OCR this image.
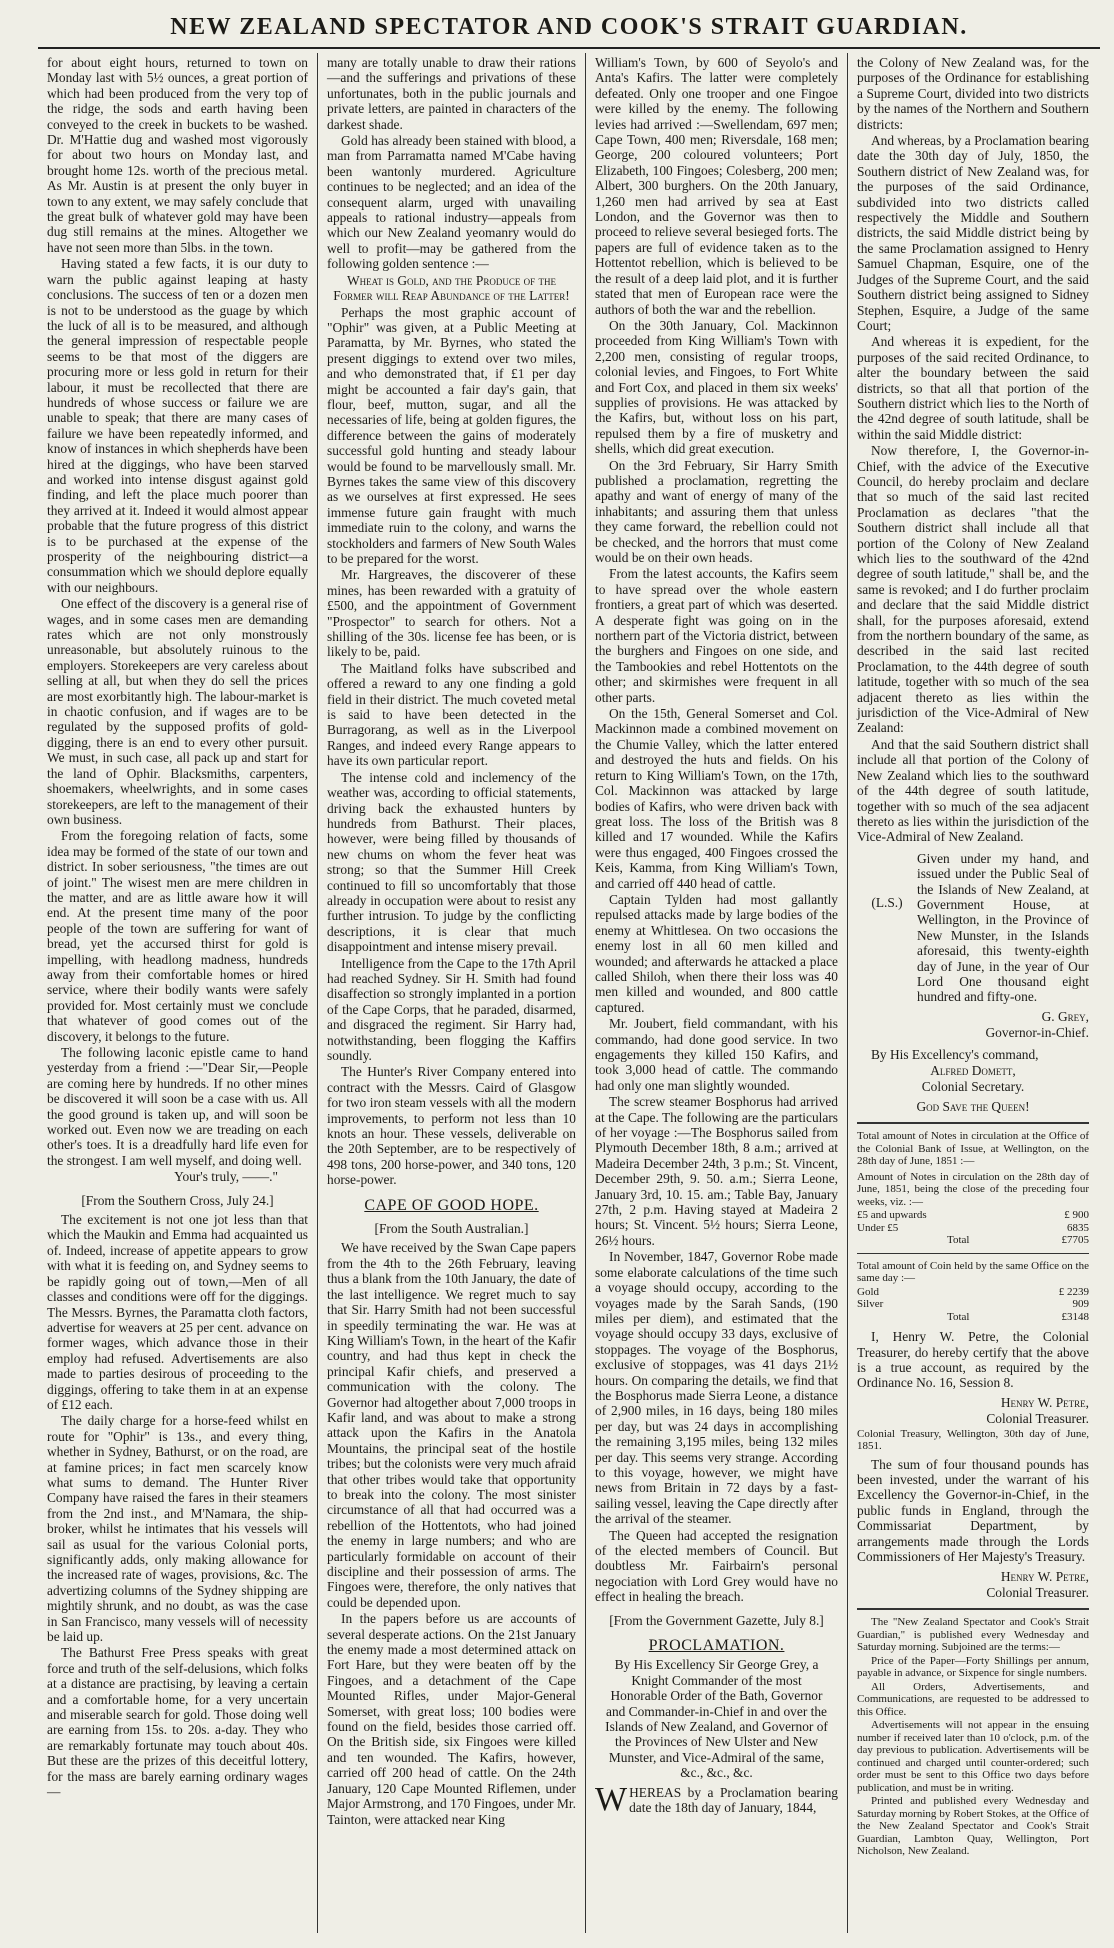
NEW ZEALAND SPECTATOR AND COOK'S STRAIT GUARDIAN.

for about eight hours, returned to town on Monday last with 5½ ounces, a great portion of which had been produced from the very top of the ridge, the sods and earth having been conveyed to the creek in buckets to be washed. Dr. M'Hattie dug and washed most vigorously for about two hours on Monday last, and brought home 12s. worth of the precious metal. As Mr. Austin is at present the only buyer in town to any extent, we may safely conclude that the great bulk of whatever gold may have been dug still remains at the mines. Altogether we have not seen more than 5lbs. in the town.

Having stated a few facts, it is our duty to warn the public against leaping at hasty conclusions. The success of ten or a dozen men is not to be understood as the guage by which the luck of all is to be measured, and although the general impression of respectable people seems to be that most of the diggers are procuring more or less gold in return for their labour, it must be recollected that there are hundreds of whose success or failure we are unable to speak; that there are many cases of failure we have been repeatedly informed, and know of instances in which shepherds have been hired at the diggings, who have been starved and worked into intense disgust against gold finding, and left the place much poorer than they arrived at it. Indeed it would almost appear probable that the future progress of this district is to be purchased at the expense of the prosperity of the neighbouring district—a consummation which we should deplore equally with our neighbours.

One effect of the discovery is a general rise of wages, and in some cases men are demanding rates which are not only monstrously unreasonable, but absolutely ruinous to the employers. Storekeepers are very careless about selling at all, but when they do sell the prices are most exorbitantly high. The labour-market is in chaotic confusion, and if wages are to be regulated by the supposed profits of gold-digging, there is an end to every other pursuit. We must, in such case, all pack up and start for the land of Ophir. Blacksmiths, carpenters, shoemakers, wheelwrights, and in some cases storekeepers, are left to the management of their own business.

From the foregoing relation of facts, some idea may be formed of the state of our town and district. In sober seriousness, "the times are out of joint." The wisest men are mere children in the matter, and are as little aware how it will end. At the present time many of the poor people of the town are suffering for want of bread, yet the accursed thirst for gold is impelling, with headlong madness, hundreds away from their comfortable homes or hired service, where their bodily wants were safely provided for. Most certainly must we conclude that whatever of good comes out of the discovery, it belongs to the future.

The following laconic epistle came to hand yesterday from a friend :—"Dear Sir,—People are coming here by hundreds. If no other mines be discovered it will soon be a case with us. All the good ground is taken up, and will soon be worked out. Even now we are treading on each other's toes. It is a dreadfully hard life even for the strongest. I am well myself, and doing well.

Your's truly, ——."

[From the Southern Cross, July 24.]

The excitement is not one jot less than that which the Maukin and Emma had acquainted us of. Indeed, increase of appetite appears to grow with what it is feeding on, and Sydney seems to be rapidly going out of town,—Men of all classes and conditions were off for the diggings. The Messrs. Byrnes, the Paramatta cloth factors, advertise for weavers at 25 per cent. advance on former wages, which advance those in their employ had refused. Advertisements are also made to parties desirous of proceeding to the diggings, offering to take them in at an expense of £12 each.

The daily charge for a horse-feed whilst en route for "Ophir" is 13s., and every thing, whether in Sydney, Bathurst, or on the road, are at famine prices; in fact men scarcely know what sums to demand. The Hunter River Company have raised the fares in their steamers from the 2nd inst., and M'Namara, the ship-broker, whilst he intimates that his vessels will sail as usual for the various Colonial ports, significantly adds, only making allowance for the increased rate of wages, provisions, &c. The advertizing columns of the Sydney shipping are mightily shrunk, and no doubt, as was the case in San Francisco, many vessels will of necessity be laid up.

The Bathurst Free Press speaks with great force and truth of the self-delusions, which folks at a distance are practising, by leaving a certain and a comfortable home, for a very uncertain and miserable search for gold. Those doing well are earning from 15s. to 20s. a-day. They who are remarkably fortunate may touch about 40s. But these are the prizes of this deceitful lottery, for the mass are barely earning ordinary wages—

many are totally unable to draw their rations —and the sufferings and privations of these unfortunates, both in the public journals and private letters, are painted in characters of the darkest shade.

Gold has already been stained with blood, a man from Parramatta named M'Cabe having been wantonly murdered. Agriculture continues to be neglected; and an idea of the consequent alarm, urged with unavailing appeals to rational industry—appeals from which our New Zealand yeomanry would do well to profit—may be gathered from the following golden sentence :—

Wheat is Gold, and the Produce of the Former will Reap Abundance of the Latter!

Perhaps the most graphic account of "Ophir" was given, at a Public Meeting at Paramatta, by Mr. Byrnes, who stated the present diggings to extend over two miles, and who demonstrated that, if £1 per day might be accounted a fair day's gain, that flour, beef, mutton, sugar, and all the necessaries of life, being at golden figures, the difference between the gains of moderately successful gold hunting and steady labour would be found to be marvellously small. Mr. Byrnes takes the same view of this discovery as we ourselves at first expressed. He sees immense future gain fraught with much immediate ruin to the colony, and warns the stockholders and farmers of New South Wales to be prepared for the worst.

Mr. Hargreaves, the discoverer of these mines, has been rewarded with a gratuity of £500, and the appointment of Government "Prospector" to search for others. Not a shilling of the 30s. license fee has been, or is likely to be, paid.

The Maitland folks have subscribed and offered a reward to any one finding a gold field in their district. The much coveted metal is said to have been detected in the Burragorang, as well as in the Liverpool Ranges, and indeed every Range appears to have its own particular report.

The intense cold and inclemency of the weather was, according to official statements, driving back the exhausted hunters by hundreds from Bathurst. Their places, however, were being filled by thousands of new chums on whom the fever heat was strong; so that the Summer Hill Creek continued to fill so uncomfortably that those already in occupation were about to resist any further intrusion. To judge by the conflicting descriptions, it is clear that much disappointment and intense misery prevail.

Intelligence from the Cape to the 17th April had reached Sydney. Sir H. Smith had found disaffection so strongly implanted in a portion of the Cape Corps, that he paraded, disarmed, and disgraced the regiment. Sir Harry had, notwithstanding, been flogging the Kaffirs soundly.

The Hunter's River Company entered into contract with the Messrs. Caird of Glasgow for two iron steam vessels with all the modern improvements, to perform not less than 10 knots an hour. These vessels, deliverable on the 20th September, are to be respectively of 498 tons, 200 horse-power, and 340 tons, 120 horse-power.

CAPE OF GOOD HOPE.

[From the South Australian.]

We have received by the Swan Cape papers from the 4th to the 26th February, leaving thus a blank from the 10th January, the date of the last intelligence. We regret much to say that Sir. Harry Smith had not been successful in speedily terminating the war. He was at King William's Town, in the heart of the Kafir country, and had thus kept in check the principal Kafir chiefs, and preserved a communication with the colony. The Governor had altogether about 7,000 troops in Kafir land, and was about to make a strong attack upon the Kafirs in the Anatola Mountains, the principal seat of the hostile tribes; but the colonists were very much afraid that other tribes would take that opportunity to break into the colony. The most sinister circumstance of all that had occurred was a rebellion of the Hottentots, who had joined the enemy in large numbers; and who are particularly formidable on account of their discipline and their possession of arms. The Fingoes were, therefore, the only natives that could be depended upon.

In the papers before us are accounts of several desperate actions. On the 21st January the enemy made a most determined attack on Fort Hare, but they were beaten off by the Fingoes, and a detachment of the Cape Mounted Rifles, under Major-General Somerset, with great loss; 100 bodies were found on the field, besides those carried off. On the British side, six Fingoes were killed and ten wounded. The Kafirs, however, carried off 200 head of cattle. On the 24th January, 120 Cape Mounted Riflemen, under Major Armstrong, and 170 Fingoes, under Mr. Tainton, were attacked near King

William's Town, by 600 of Seyolo's and Anta's Kafirs. The latter were completely defeated. Only one trooper and one Fingoe were killed by the enemy. The following levies had arrived :—Swellendam, 697 men; Cape Town, 400 men; Riversdale, 168 men; George, 200 coloured volunteers; Port Elizabeth, 100 Fingoes; Colesberg, 200 men; Albert, 300 burghers. On the 20th January, 1,260 men had arrived by sea at East London, and the Governor was then to proceed to relieve several besieged forts. The papers are full of evidence taken as to the Hottentot rebellion, which is believed to be the result of a deep laid plot, and it is further stated that men of European race were the authors of both the war and the rebellion.

On the 30th January, Col. Mackinnon proceeded from King William's Town with 2,200 men, consisting of regular troops, colonial levies, and Fingoes, to Fort White and Fort Cox, and placed in them six weeks' supplies of provisions. He was attacked by the Kafirs, but, without loss on his part, repulsed them by a fire of musketry and shells, which did great execution.

On the 3rd February, Sir Harry Smith published a proclamation, regretting the apathy and want of energy of many of the inhabitants; and assuring them that unless they came forward, the rebellion could not be checked, and the horrors that must come would be on their own heads.

From the latest accounts, the Kafirs seem to have spread over the whole eastern frontiers, a great part of which was deserted. A desperate fight was going on in the northern part of the Victoria district, between the burghers and Fingoes on one side, and the Tambookies and rebel Hottentots on the other; and skirmishes were frequent in all other parts.

On the 15th, General Somerset and Col. Mackinnon made a combined movement on the Chumie Valley, which the latter entered and destroyed the huts and fields. On his return to King William's Town, on the 17th, Col. Mackinnon was attacked by large bodies of Kafirs, who were driven back with great loss. The loss of the British was 8 killed and 17 wounded. While the Kafirs were thus engaged, 400 Fingoes crossed the Keis, Kamma, from King William's Town, and carried off 440 head of cattle.

Captain Tylden had most gallantly repulsed attacks made by large bodies of the enemy at Whittlesea. On two occasions the enemy lost in all 60 men killed and wounded; and afterwards he attacked a place called Shiloh, when there their loss was 40 men killed and wounded, and 800 cattle captured.

Mr. Joubert, field commandant, with his commando, had done good service. In two engagements they killed 150 Kafirs, and took 3,000 head of cattle. The commando had only one man slightly wounded.

The screw steamer Bosphorus had arrived at the Cape. The following are the particulars of her voyage :—The Bosphorus sailed from Plymouth December 18th, 8 a.m.; arrived at Madeira December 24th, 3 p.m.; St. Vincent, December 29th, 9. 50. a.m.; Sierra Leone, January 3rd, 10. 15. am.; Table Bay, January 27th, 2 p.m. Having stayed at Madeira 2 hours; St. Vincent. 5½ hours; Sierra Leone, 26½ hours.

In November, 1847, Governor Robe made some elaborate calculations of the time such a voyage should occupy, according to the voyages made by the Sarah Sands, (190 miles per diem), and estimated that the voyage should occupy 33 days, exclusive of stoppages. The voyage of the Bosphorus, exclusive of stoppages, was 41 days 21½ hours. On comparing the details, we find that the Bosphorus made Sierra Leone, a distance of 2,900 miles, in 16 days, being 180 miles per day, but was 24 days in accomplishing the remaining 3,195 miles, being 132 miles per day. This seems very strange. According to this voyage, however, we might have news from Britain in 72 days by a fast-sailing vessel, leaving the Cape directly after the arrival of the steamer.

The Queen had accepted the resignation of the elected members of Council. But doubtless Mr. Fairbairn's personal negociation with Lord Grey would have no effect in healing the breach.

[From the Government Gazette, July 8.]

PROCLAMATION.

By His Excellency Sir George Grey, a Knight Commander of the most Honorable Order of the Bath, Governor and Commander-in-Chief in and over the Islands of New Zealand, and Governor of the Provinces of New Ulster and New Munster, and Vice-Admiral of the same, &c., &c., &c.

WHEREAS by a Proclamation bearing date the 18th day of January, 1844,

the Colony of New Zealand was, for the purposes of the Ordinance for establishing a Supreme Court, divided into two districts by the names of the Northern and Southern districts:

And whereas, by a Proclamation bearing date the 30th day of July, 1850, the Southern district of New Zealand was, for the purposes of the said Ordinance, subdivided into two districts called respectively the Middle and Southern districts, the said Middle district being by the same Proclamation assigned to Henry Samuel Chapman, Esquire, one of the Judges of the Supreme Court, and the said Southern district being assigned to Sidney Stephen, Esquire, a Judge of the same Court;

And whereas it is expedient, for the purposes of the said recited Ordinance, to alter the boundary between the said districts, so that all that portion of the Southern district which lies to the North of the 42nd degree of south latitude, shall be within the said Middle district:

Now therefore, I, the Governor-in-Chief, with the advice of the Executive Council, do hereby proclaim and declare that so much of the said last recited Proclamation as declares "that the Southern district shall include all that portion of the Colony of New Zealand which lies to the southward of the 42nd degree of south latitude," shall be, and the same is revoked; and I do further proclaim and declare that the said Middle district shall, for the purposes aforesaid, extend from the northern boundary of the same, as described in the said last recited Proclamation, to the 44th degree of south latitude, together with so much of the sea adjacent thereto as lies within the jurisdiction of the Vice-Admiral of New Zealand:

And that the said Southern district shall include all that portion of the Colony of New Zealand which lies to the southward of the 44th degree of south latitude, together with so much of the sea adjacent thereto as lies within the jurisdiction of the Vice-Admiral of New Zealand.

(L.S.)
Given under my hand, and issued under the Public Seal of the Islands of New Zealand, at Government House, at Wellington, in the Province of New Munster, in the Islands aforesaid, this twenty-eighth day of June, in the year of Our Lord One thousand eight hundred and fifty-one.

G. Grey,

Governor-in-Chief.

By His Excellency's command,

Alfred Domett,

Colonial Secretary.

God Save the Queen!

Total amount of Notes in circulation at the Office of the Colonial Bank of Issue, at Wellington, on the 28th day of June, 1851 :—

Amount of Notes in circulation on the 28th day of June, 1851, being the close of the preceding four weeks, viz. :—

£5 and upwards	£ 900
Under £5	6835
Total	£7705

Total amount of Coin held by the same Office on the same day :—

Gold	£ 2239
Silver	909
Total	£3148

I, Henry W. Petre, the Colonial Treasurer, do hereby certify that the above is a true account, as required by the Ordinance No. 16, Session 8.

Henry W. Petre,

Colonial Treasurer.

Colonial Treasury, Wellington, 30th day of June, 1851.

The sum of four thousand pounds has been invested, under the warrant of his Excellency the Governor-in-Chief, in the public funds in England, through the Commissariat Department, by arrangements made through the Lords Commissioners of Her Majesty's Treasury.

Henry W. Petre,

Colonial Treasurer.

The "New Zealand Spectator and Cook's Strait Guardian," is published every Wednesday and Saturday morning. Subjoined are the terms:—

Price of the Paper—Forty Shillings per annum, payable in advance, or Sixpence for single numbers.

All Orders, Advertisements, and Communications, are requested to be addressed to this Office.

Advertisements will not appear in the ensuing number if received later than 10 o'clock, p.m. of the day previous to publication. Advertisements will be continued and charged until counter-ordered; such order must be sent to this Office two days before publication, and must be in writing.

Printed and published every Wednesday and Saturday morning by Robert Stokes, at the Office of the New Zealand Spectator and Cook's Strait Guardian, Lambton Quay, Wellington, Port Nicholson, New Zealand.
